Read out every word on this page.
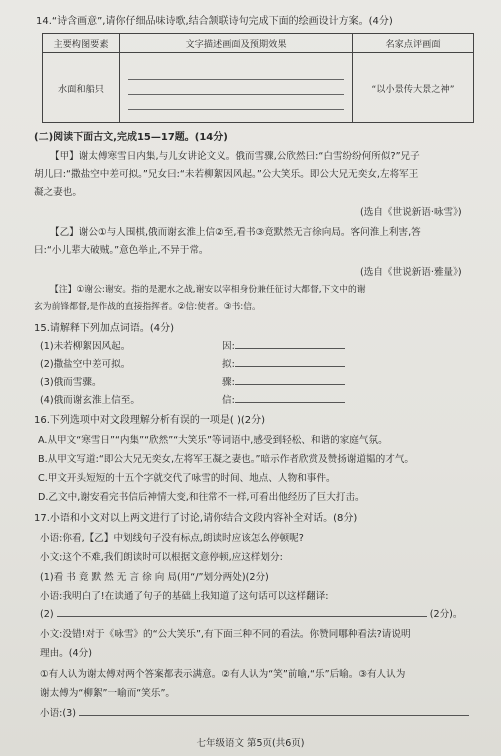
14.“诗含画意”,请你仔细品味诗歌,结合颔联诗句完成下面的绘画设计方案。(4分)
主要构图要素	文字描述画面及预期效果	名家点评画面
水面和船只		“以小景传大景之神”
(二)阅读下面古文,完成15—17题。(14分)
【甲】谢太傅寒雪日内集,与儿女讲论文义。俄而雪骤,公欣然曰:“白雪纷纷何所似?”兄子
胡儿曰:“撒盐空中差可拟。”兄女曰:“未若柳絮因风起。”公大笑乐。即公大兄无奕女,左将军王
凝之妻也。
(选自《世说新语·咏雪》)
【乙】谢公①与人围棋,俄而谢玄淮上信②至,看书③竟默然无言徐向局。客问淮上利害,答
曰:“小儿辈大破贼。”意色举止,不异于常。
(选自《世说新语·雅量》)
【注】①谢公:谢安。指的是淝水之战,谢安以宰相身份兼任征讨大都督,下文中的谢
玄为前锋都督,是作战的直接指挥者。②信:使者。③书:信。
15.请解释下列加点词语。(4分)
(1)未若柳絮因风起。	因:
(2)撒盐空中差可拟。	拟:
(3)俄而雪骤。	骤:
(4)俄而谢玄淮上信至。	信:
16.下列选项中对文段理解分析有误的一项是( )(2分)
A.从甲文“寒雪日”“内集”“欣然”“大笑乐”等词语中,感受到轻松、和谐的家庭气氛。
B.从甲文写道:“即公大兄无奕女,左将军王凝之妻也。”暗示作者欣赏及赞扬谢道韫的才气。
C.甲文开头短短的十五个字就交代了咏雪的时间、地点、人物和事件。
D.乙文中,谢安看完书信后神情大变,和往常不一样,可看出他经历了巨大打击。
17.小语和小文对以上两文进行了讨论,请你结合文段内容补全对话。(8分)
小语:你看,【乙】中划线句子没有标点,朗读时应该怎么停顿呢?
小文:这个不难,我们朗读时可以根据文意停顿,应这样划分:
(1)看 书 竟 默 然 无 言 徐 向 局(用“/”划分两处)(2分)
小语:我明白了!在读通了句子的基础上我知道了这句话可以这样翻译:
(2)	(2分)。
小文:没错!对于《咏雪》的“公大笑乐”,有下面三种不同的看法。你赞同哪种看法?请说明
理由。(4分)
①有人认为谢太傅对两个答案都表示满意。②有人认为“笑”前喻,“乐”后喻。③有人认为
谢太傅为“柳絮”一喻而“笑乐”。
小语:(3)
七年级语文 第5页(共6页)
